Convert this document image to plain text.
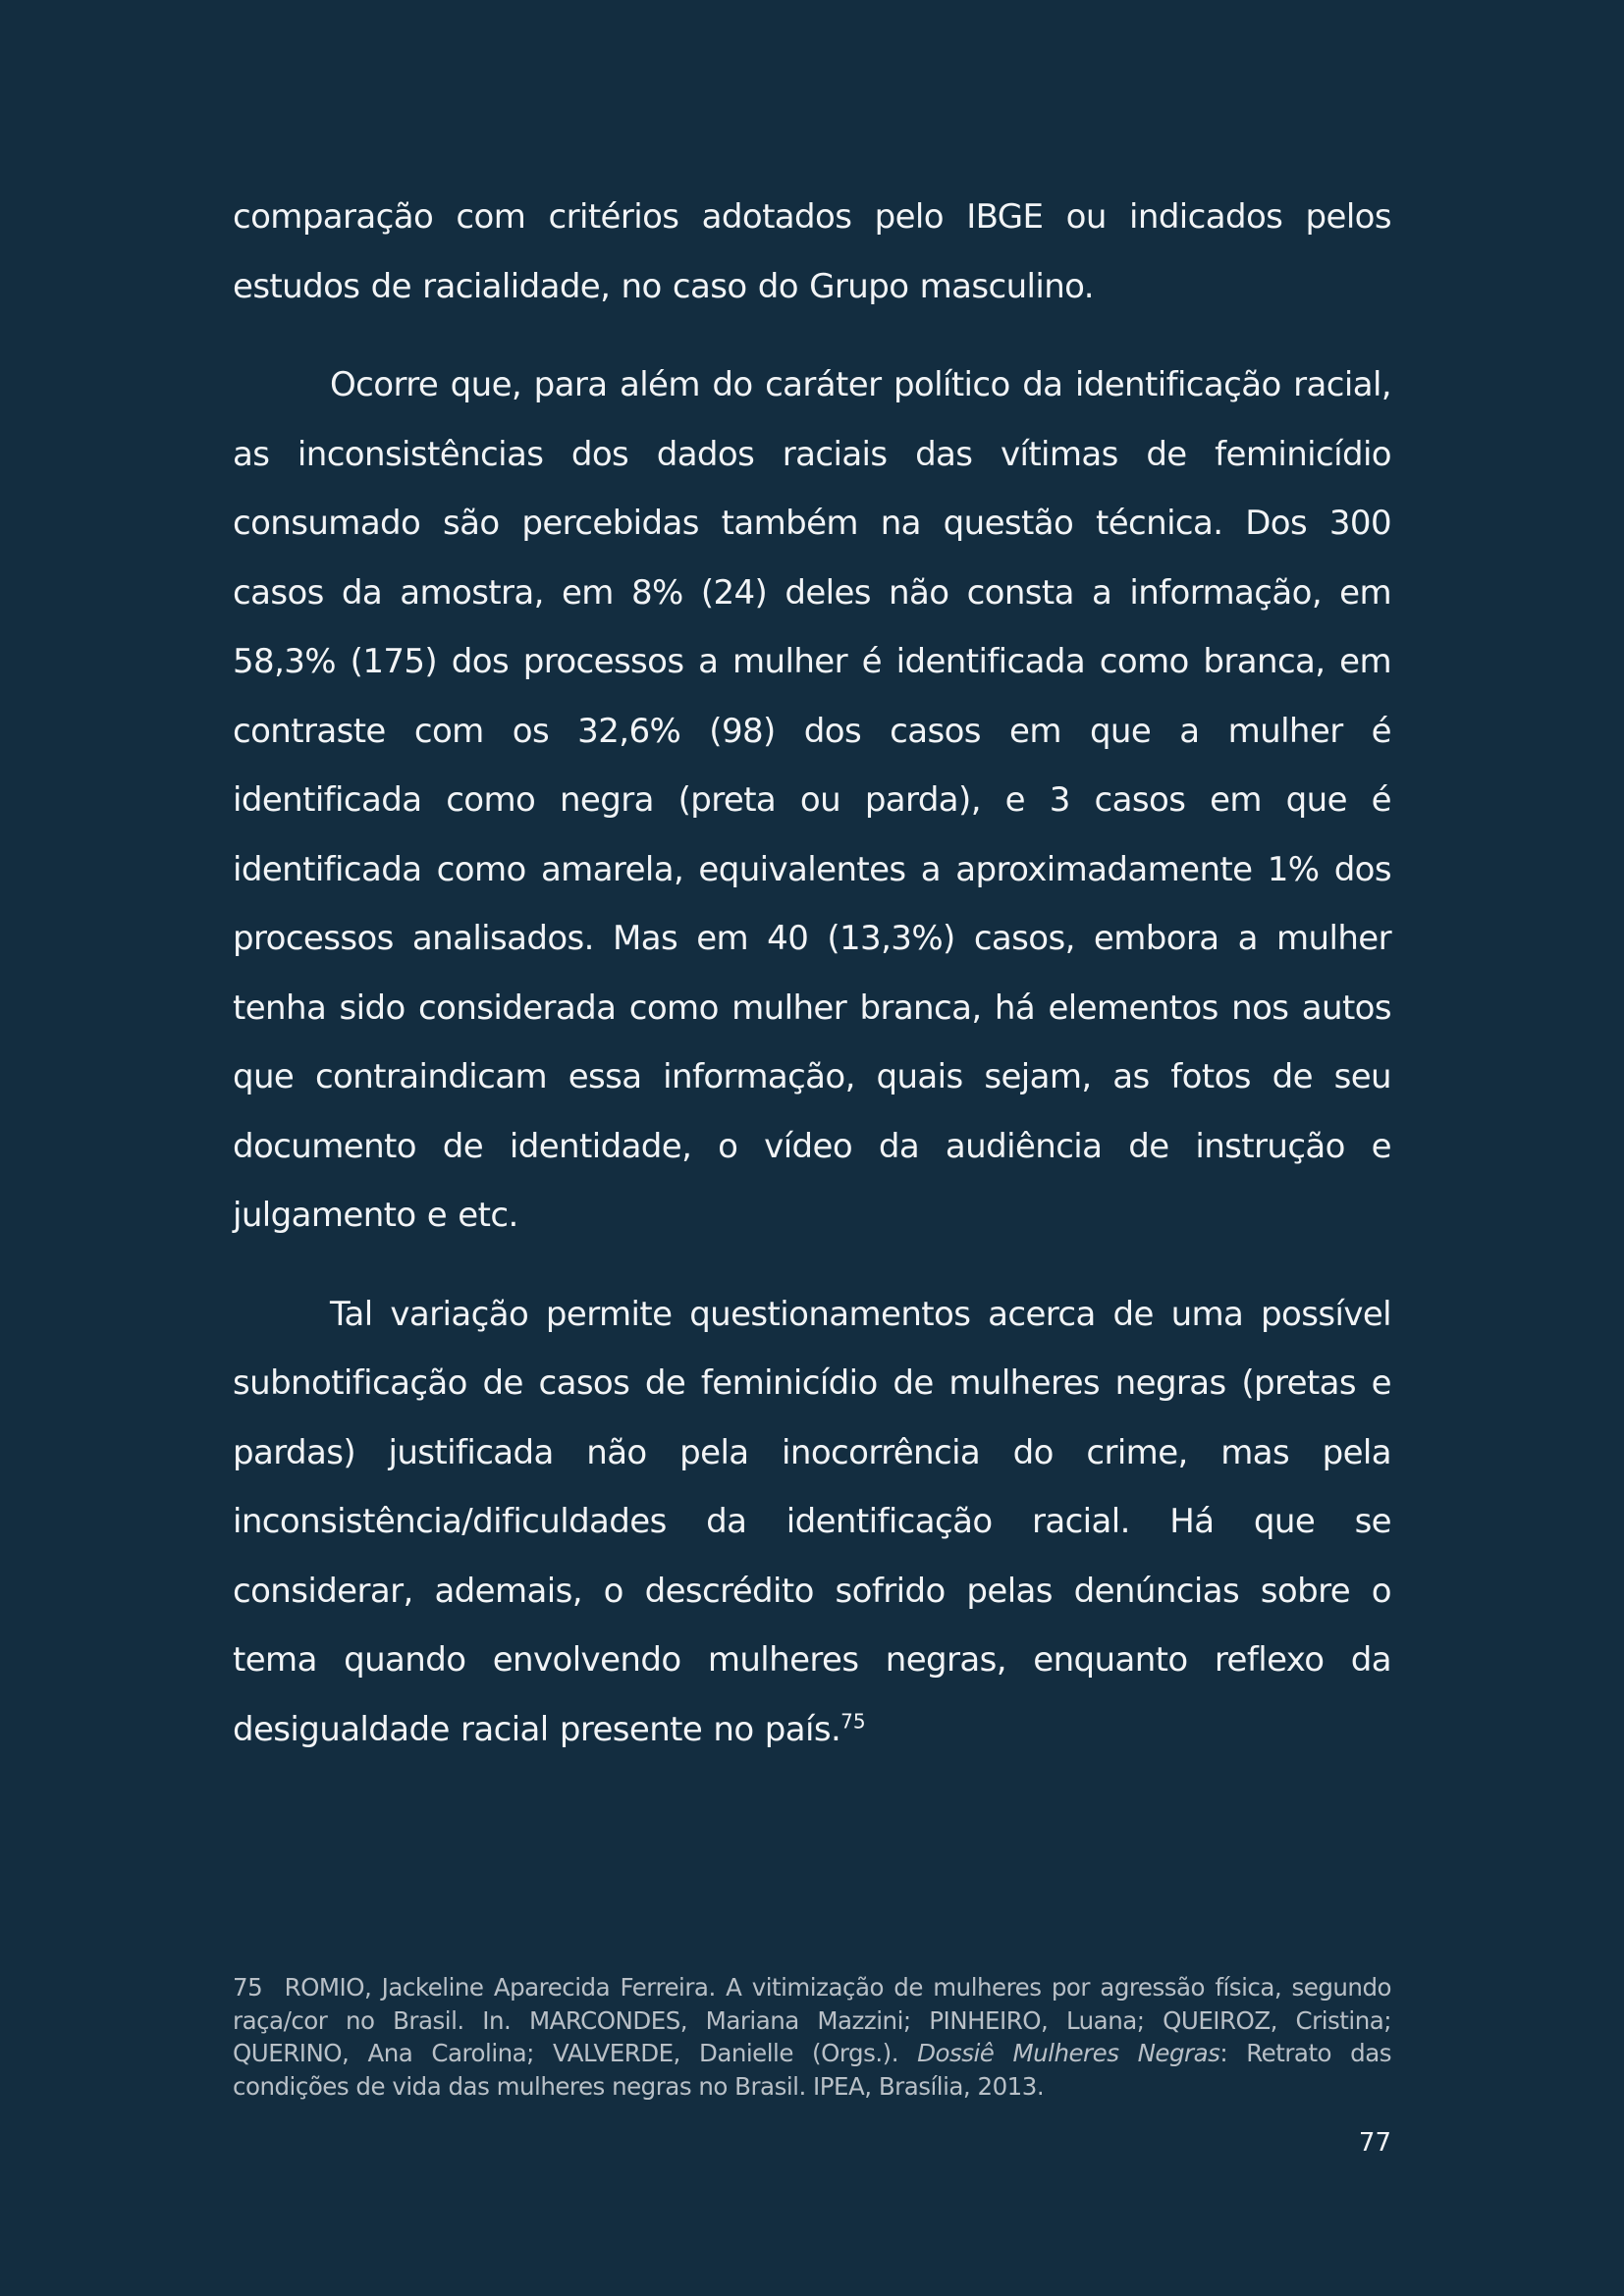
comparação com critérios adotados pelo IBGE ou indicados pelos estudos de racialidade, no caso do Grupo masculino.

Ocorre que, para além do caráter político da identificação racial, as inconsistências dos dados raciais das vítimas de feminicídio consumado são percebidas também na questão técnica. Dos 300 casos da amostra, em 8% (24) deles não consta a informação, em 58,3% (175) dos processos a mulher é identificada como branca, em contraste com os 32,6% (98) dos casos em que a mulher é identificada como negra (preta ou parda), e 3 casos em que é identificada como amarela, equivalentes a aproximadamente 1% dos processos analisados. Mas em 40 (13,3%) casos, embora a mulher tenha sido considerada como mulher branca, há elementos nos autos que contraindicam essa informação, quais sejam, as fotos de seu documento de identidade, o vídeo da audiência de instrução e julgamento e etc.

Tal variação permite questionamentos acerca de uma possível subnotificação de casos de feminicídio de mulheres negras (pretas e pardas) justificada não pela inocorrência do crime, mas pela inconsistência/dificuldades da identificação racial. Há que se considerar, ademais, o descrédito sofrido pelas denúncias sobre o tema quando envolvendo mulheres negras, enquanto reflexo da desigualdade racial presente no país.$^{75}$

75 ROMIO, Jackeline Aparecida Ferreira. A vitimização de mulheres por agressão física, segundo raça/cor no Brasil. In. MARCONDES, Mariana Mazzini; PINHEIRO, Luana; QUEIROZ, Cristina; QUERINO, Ana Carolina; VALVERDE, Danielle (Orgs.). Dossiê Mulheres Negras: Retrato das condições de vida das mulheres negras no Brasil. IPEA, Brasília, 2013.
77
